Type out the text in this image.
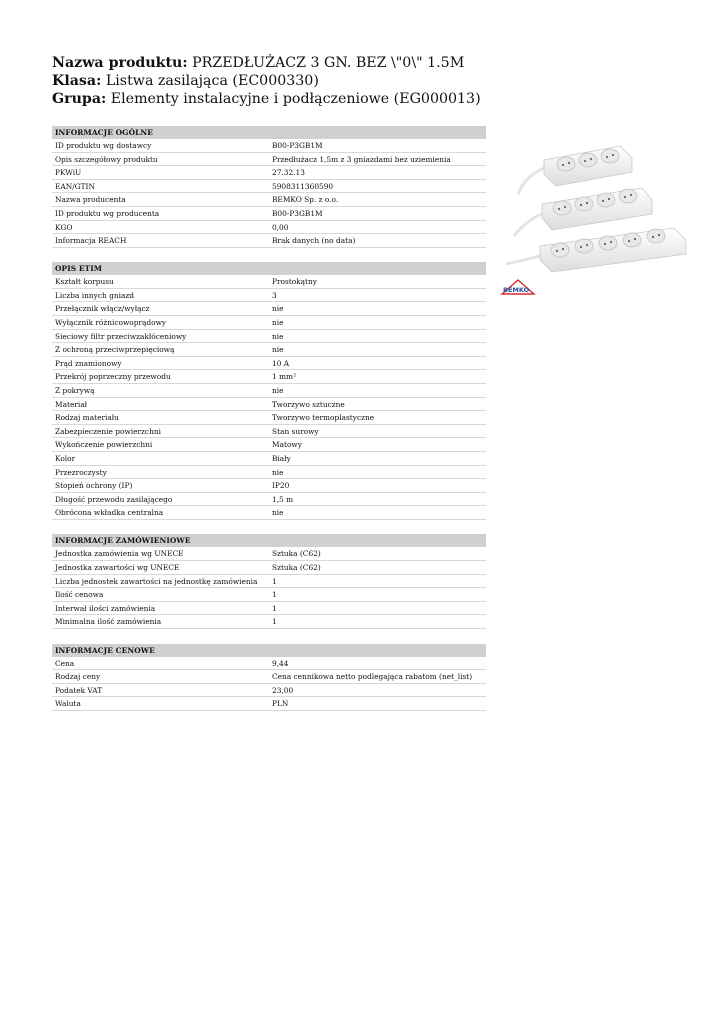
Nazwa produktu: PRZEDŁUŻACZ 3 GN. BEZ \"0\" 1.5M
Klasa: Listwa zasilająca (EC000330)
Grupa: Elementy instalacyjne i podłączeniowe (EG000013)
INFORMACJE OGÓLNE
ID produktu wg dostawcy	B00-P3GB1M
Opis szczegółowy produktu	Przedłużacz 1,5m z 3 gniazdami bez uziemienia
PKWiU	27.32.13
EAN/GTIN	5908311360590
Nazwa producenta	BEMKO Sp. z o.o.
ID produktu wg producenta	B00-P3GB1M
KGO	0,00
Informacja REACH	Brak danych (no data)
OPIS ETIM
Kształt korpusu	Prostokątny
Liczba innych gniazd	3
Przełącznik włącz/wyłącz	nie
Wyłącznik różnicowoprądowy	nie
Sieciowy filtr przeciwzakłóceniowy	nie
Z ochroną przeciwprzepięciową	nie
Prąd znamionowy	10 A
Przekrój poprzeczny przewodu	1 mm²
Z pokrywą	nie
Materiał	Tworzywo sztuczne
Rodzaj materiału	Tworzywo termoplastyczne
Zabezpieczenie powierzchni	Stan surowy
Wykończenie powierzchni	Matowy
Kolor	Biały
Przezroczysty	nie
Stopień ochrony (IP)	IP20
Długość przewodu zasilającego	1,5 m
Obrócona wkładka centralna	nie
INFORMACJE ZAMÓWIENIOWE
Jednostka zamówienia wg UNECE	Sztuka (C62)
Jednostka zawartości wg UNECE	Sztuka (C62)
Liczba jednostek zawartości na jednostkę zamówienia	1
Ilość cenowa	1
Interwał ilości zamówienia	1
Minimalna ilość zamówienia	1
INFORMACJE CENOWE
Cena	9,44
Rodzaj ceny	Cena cennikowa netto podlegająca rabatom (net_list)
Podatek VAT	23,00
Waluta	PLN
BEMKO
